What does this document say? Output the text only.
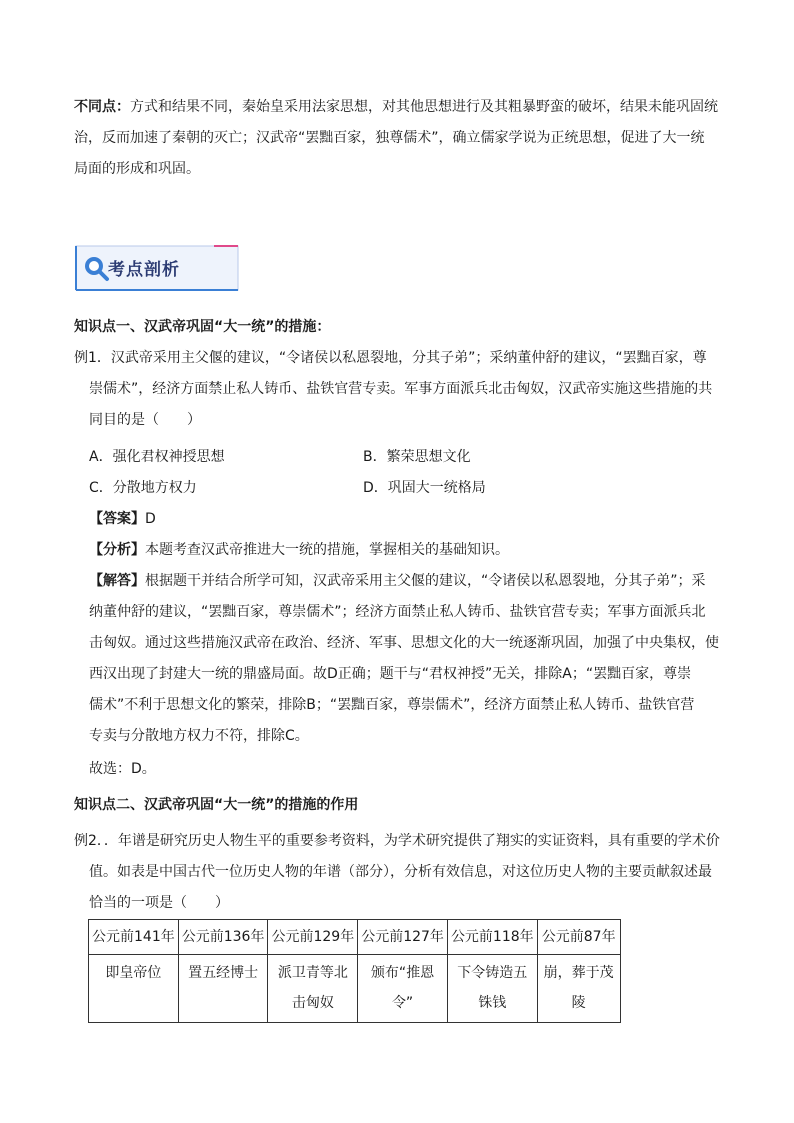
不同点：方式和结果不同，秦始皇采用法家思想，对其他思想进行及其粗暴野蛮的破坏，结果未能巩固统
治，反而加速了秦朝的灭亡；汉武帝“罢黜百家，独尊儒术”，确立儒家学说为正统思想，促进了大一统
局面的形成和巩固。
考点剖析
知识点一、汉武帝巩固“大一统”的措施：
例1．汉武帝采用主父偃的建议，“令诸侯以私恩裂地，分其子弟”；采纳董仲舒的建议，“罢黜百家，尊
崇儒术”，经济方面禁止私人铸币、盐铁官营专卖。军事方面派兵北击匈奴，汉武帝实施这些措施的共
同目的是（　　）
A．强化君权神授思想	B．繁荣思想文化
C．分散地方权力	D．巩固大一统格局
【答案】D
【分析】本题考查汉武帝推进大一统的措施，掌握相关的基础知识。
【解答】根据题干并结合所学可知，汉武帝采用主父偃的建议，“令诸侯以私恩裂地，分其子弟”；采
纳董仲舒的建议，“罢黜百家，尊崇儒术”；经济方面禁止私人铸币、盐铁官营专卖；军事方面派兵北
击匈奴。通过这些措施汉武帝在政治、经济、军事、思想文化的大一统逐渐巩固，加强了中央集权，使
西汉出现了封建大一统的鼎盛局面。故D正确；题干与“君权神授”无关，排除A；“罢黜百家，尊崇
儒术”不利于思想文化的繁荣，排除B；“罢黜百家，尊崇儒术”，经济方面禁止私人铸币、盐铁官营
专卖与分散地方权力不符，排除C。
故选：D。
知识点二、汉武帝巩固“大一统”的措施的作用
例2．．年谱是研究历史人物生平的重要参考资料，为学术研究提供了翔实的实证资料，具有重要的学术价
值。如表是中国古代一位历史人物的年谱（部分），分析有效信息，对这位历史人物的主要贡献叙述最
恰当的一项是（　　）
公元前141年	公元前136年	公元前129年	公元前127年	公元前118年	公元前87年
即皇帝位	置五经博士	派卫青等北击匈奴	颁布“推恩令”	下令铸造五铢钱	崩，葬于茂陵
